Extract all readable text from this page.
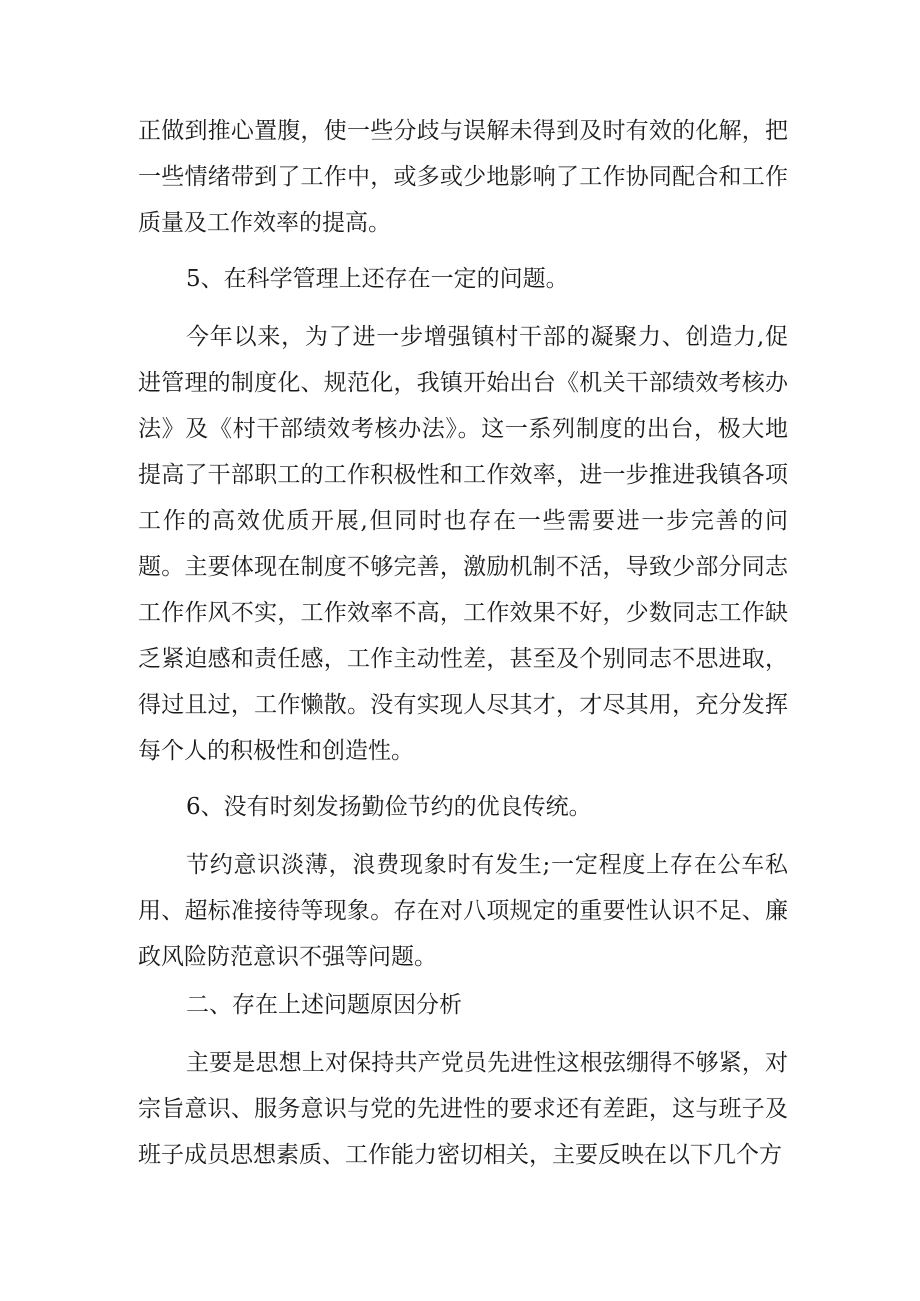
正做到推心置腹，使一些分歧与误解未得到及时有效的化解，把一些情绪带到了工作中，或多或少地影响了工作协同配合和工作质量及工作效率的提高。

5、在科学管理上还存在一定的问题。

今年以来，为了进一步增强镇村干部的凝聚力、创造力,促进管理的制度化、规范化，我镇开始出台《机关干部绩效考核办法》及《村干部绩效考核办法》。这一系列制度的出台，极大地提高了干部职工的工作积极性和工作效率，进一步推进我镇各项工作的高效优质开展,但同时也存在一些需要进一步完善的问题。主要体现在制度不够完善，激励机制不活，导致少部分同志工作作风不实，工作效率不高，工作效果不好，少数同志工作缺乏紧迫感和责任感，工作主动性差，甚至及个别同志不思进取，得过且过，工作懒散。没有实现人尽其才，才尽其用，充分发挥每个人的积极性和创造性。

6、没有时刻发扬勤俭节约的优良传统。

节约意识淡薄，浪费现象时有发生;一定程度上存在公车私用、超标准接待等现象。存在对八项规定的重要性认识不足、廉政风险防范意识不强等问题。

二、存在上述问题原因分析

主要是思想上对保持共产党员先进性这根弦绷得不够紧，对宗旨意识、服务意识与党的先进性的要求还有差距，这与班子及班子成员思想素质、工作能力密切相关，主要反映在以下几个方
